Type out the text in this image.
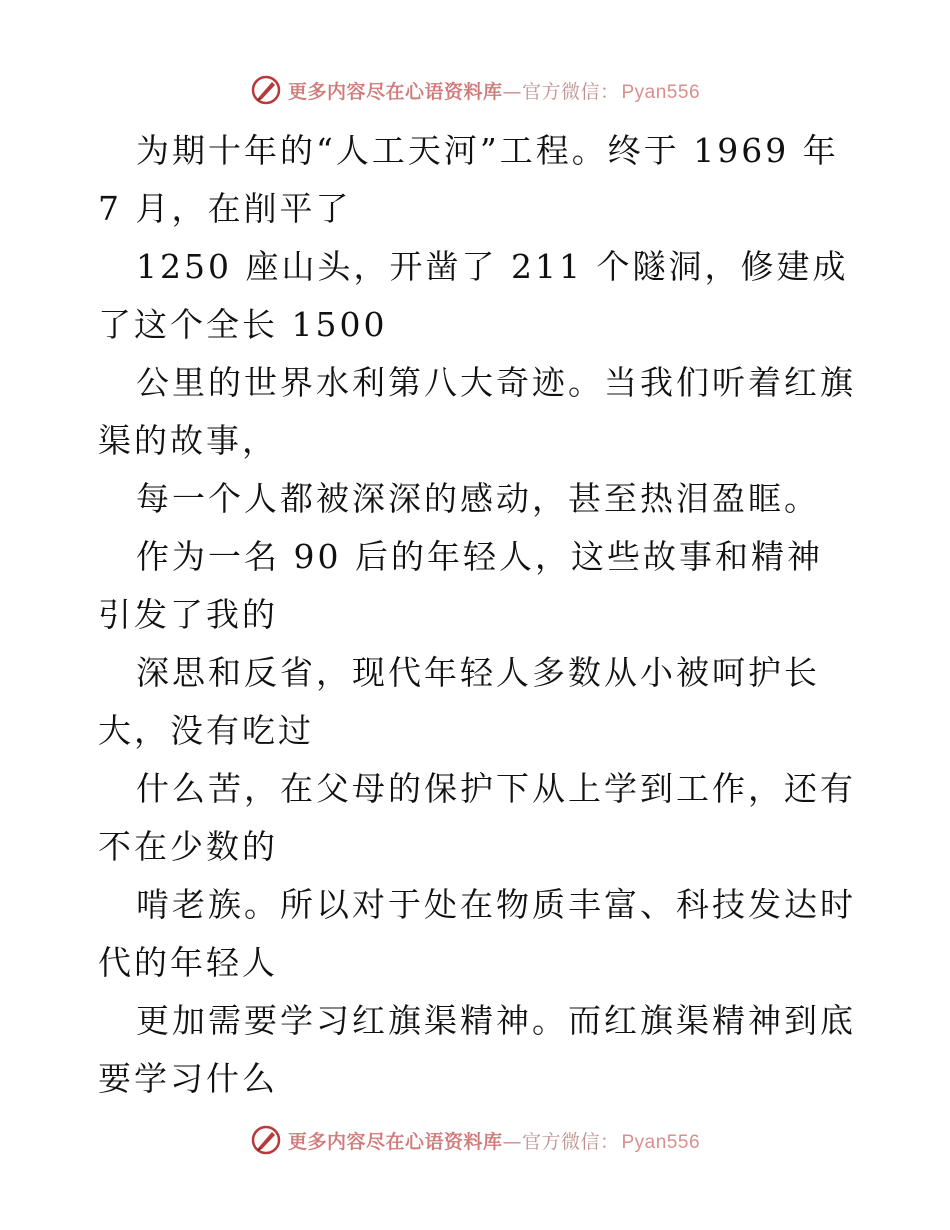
更多内容尽在心语资料库—官方微信： Pyan556

为期十年的“人工天河”工程。终于 1969 年 7 月，在削平了

1250 座山头，开凿了 211 个隧洞，修建成了这个全长 1500

公里的世界水利第八大奇迹。当我们听着红旗渠的故事，

每一个人都被深深的感动，甚至热泪盈眶。

作为一名 90 后的年轻人，这些故事和精神引发了我的

深思和反省，现代年轻人多数从小被呵护长大，没有吃过

什么苦，在父母的保护下从上学到工作，还有不在少数的

啃老族。所以对于处在物质丰富、科技发达时代的年轻人

更加需要学习红旗渠精神。而红旗渠精神到底要学习什么

更多内容尽在心语资料库—官方微信： Pyan556
